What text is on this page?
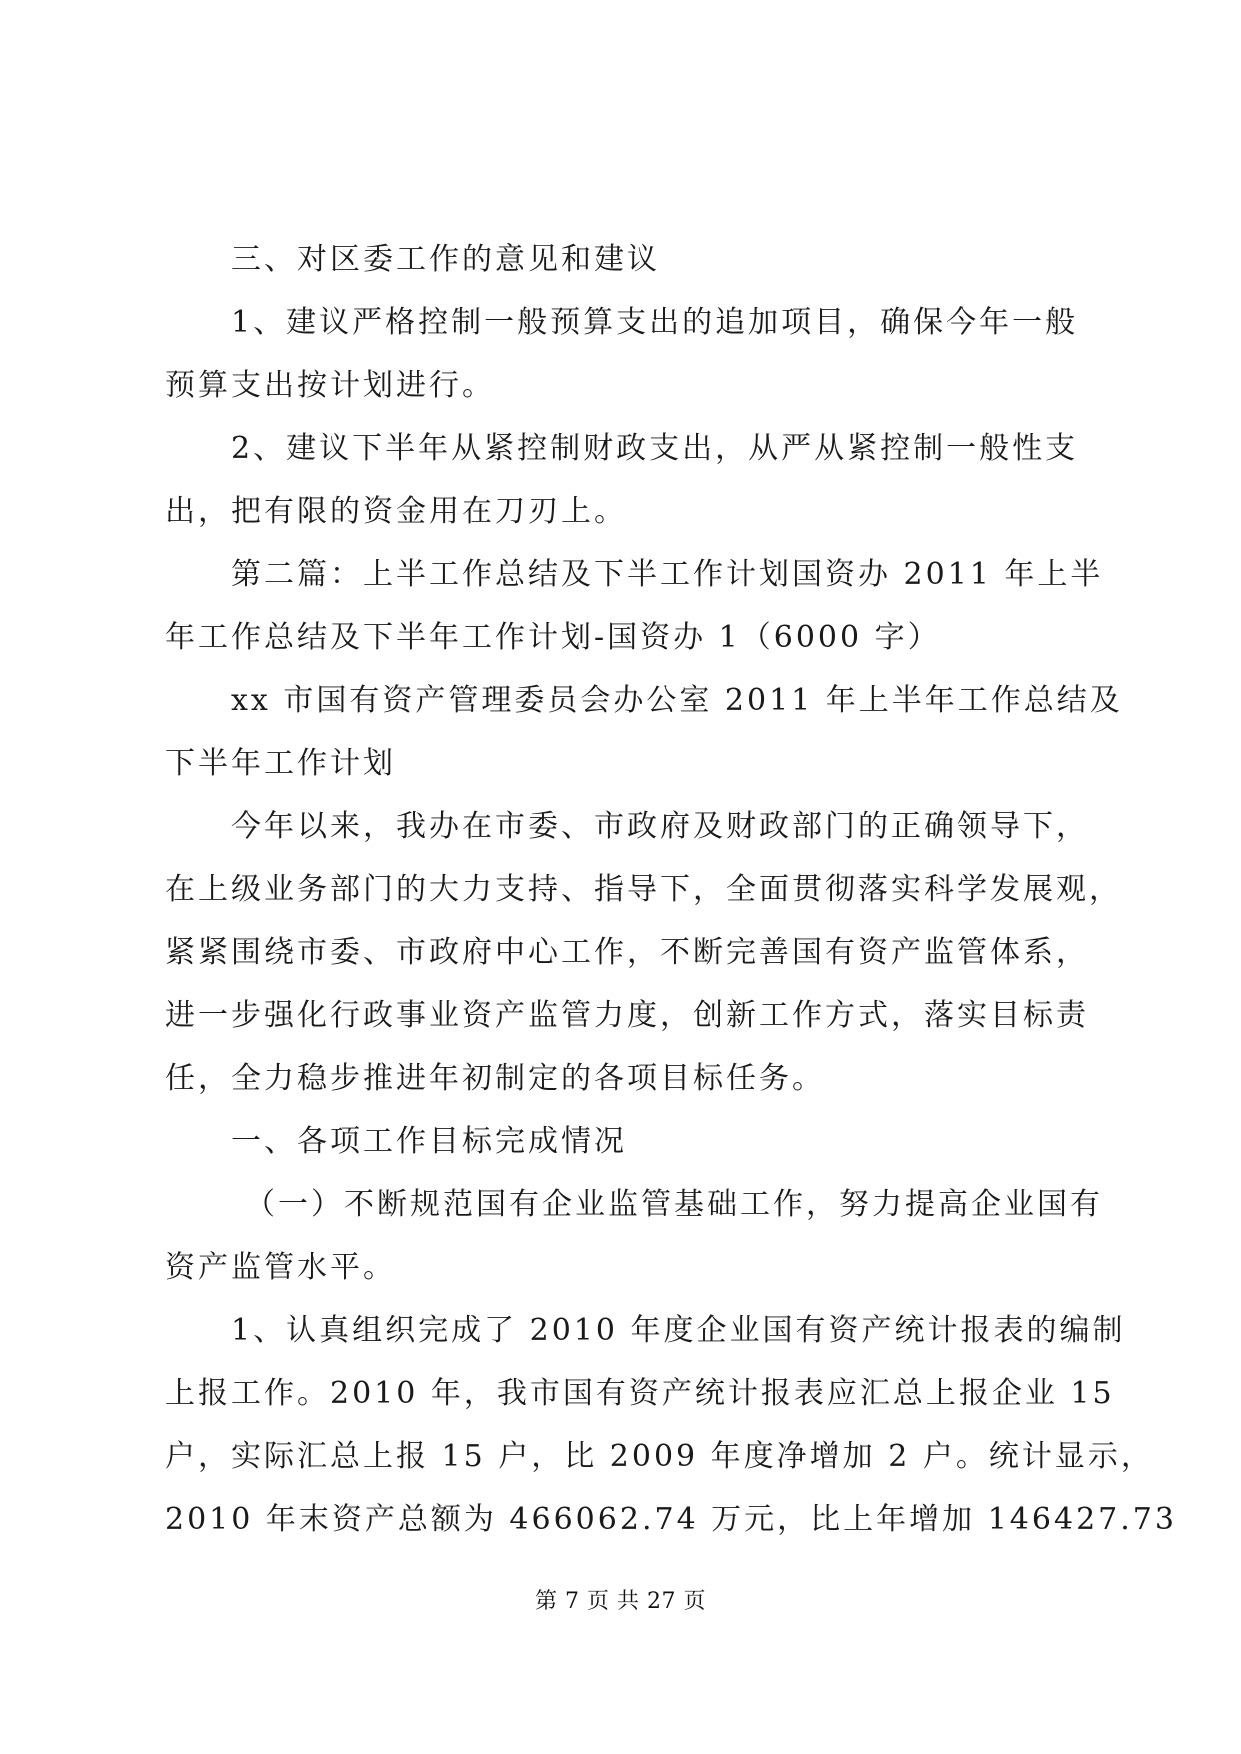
三、对区委工作的意见和建议
1、建议严格控制一般预算支出的追加项目，确保今年一般
预算支出按计划进行。
2、建议下半年从紧控制财政支出，从严从紧控制一般性支
出，把有限的资金用在刀刃上。
第二篇：上半工作总结及下半工作计划国资办 2011 年上半
年工作总结及下半年工作计划-国资办 1（6000 字）
xx 市国有资产管理委员会办公室 2011 年上半年工作总结及
下半年工作计划
今年以来，我办在市委、市政府及财政部门的正确领导下，
在上级业务部门的大力支持、指导下，全面贯彻落实科学发展观，
紧紧围绕市委、市政府中心工作，不断完善国有资产监管体系，
进一步强化行政事业资产监管力度，创新工作方式，落实目标责
任，全力稳步推进年初制定的各项目标任务。
一、各项工作目标完成情况
（一）不断规范国有企业监管基础工作，努力提高企业国有
资产监管水平。
1、认真组织完成了 2010 年度企业国有资产统计报表的编制
上报工作。2010 年，我市国有资产统计报表应汇总上报企业 15
户，实际汇总上报 15 户，比 2009 年度净增加 2 户。统计显示，
2010 年末资产总额为 466062.74 万元，比上年增加 146427.73
第 7 页 共 27 页
